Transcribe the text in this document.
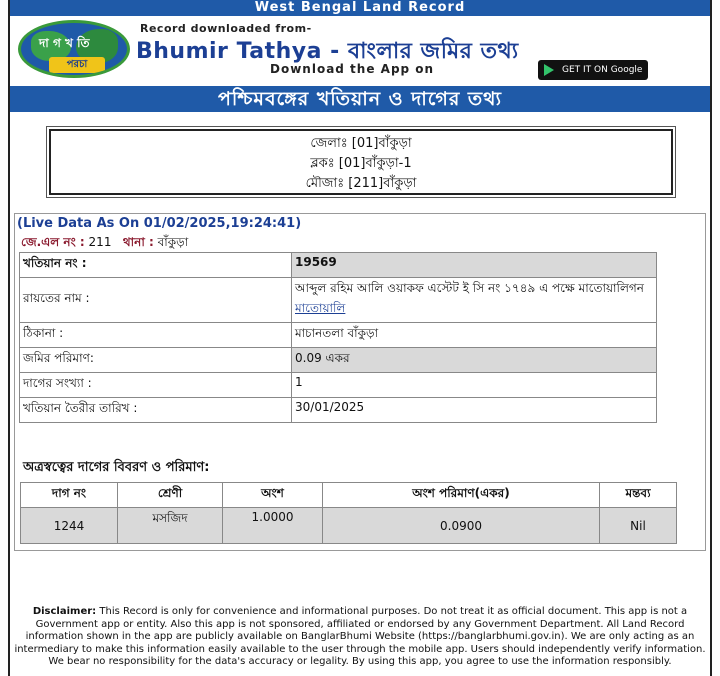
West Bengal Land Record
দা গ খ তি
পরচা
Record downloaded from-
Bhumir Tathya - বাংলার জমির তথ্য
Download the App on	GET IT ON Google
পশ্চিমবঙ্গের খতিয়ান ও দাগের তথ্য
জেলাঃ [01]বাঁকুড়া
ব্লকঃ [01]বাঁকুড়া-1
মৌজাঃ [211]বাঁকুড়া
(Live Data As On 01/02/2025,19:24:41)
জে.এল নং : 211 থানা : বাঁকুড়া
খতিয়ান নং :	19569
রায়তের নাম :	আব্দুল রহিম আলি ওয়াকফ এস্টেট ই সি নং ১৭৪৯ এ পক্ষে মাতোয়ালিগন  মাতোয়ালি
ঠিকানা :	মাচানতলা বাঁকুড়া
জমির পরিমাণ:	0.09 একর
দাগের সংখ্যা :	1
খতিয়ান তৈরীর তারিখ :	30/01/2025
অত্রস্বত্বের দাগের বিবরণ ও পরিমাণ:
দাগ নং	শ্রেণী	অংশ	অংশ পরিমাণ(একর)	মন্তব্য
1244	মসজিদ	1.0000	0.0900	Nil
Disclaimer: This Record is only for convenience and informational purposes. Do not treat it as official document. This app is not a Government app or entity. Also this app is not sponsored, affiliated or endorsed by any Government Department. All Land Record information shown in the app are publicly available on BanglarBhumi Website (https://banglarbhumi.gov.in). We are only acting as an intermediary to make this information easily available to the user through the mobile app. Users should independently verify information. We bear no responsibility for the data's accuracy or legality. By using this app, you agree to use the information responsibly.
